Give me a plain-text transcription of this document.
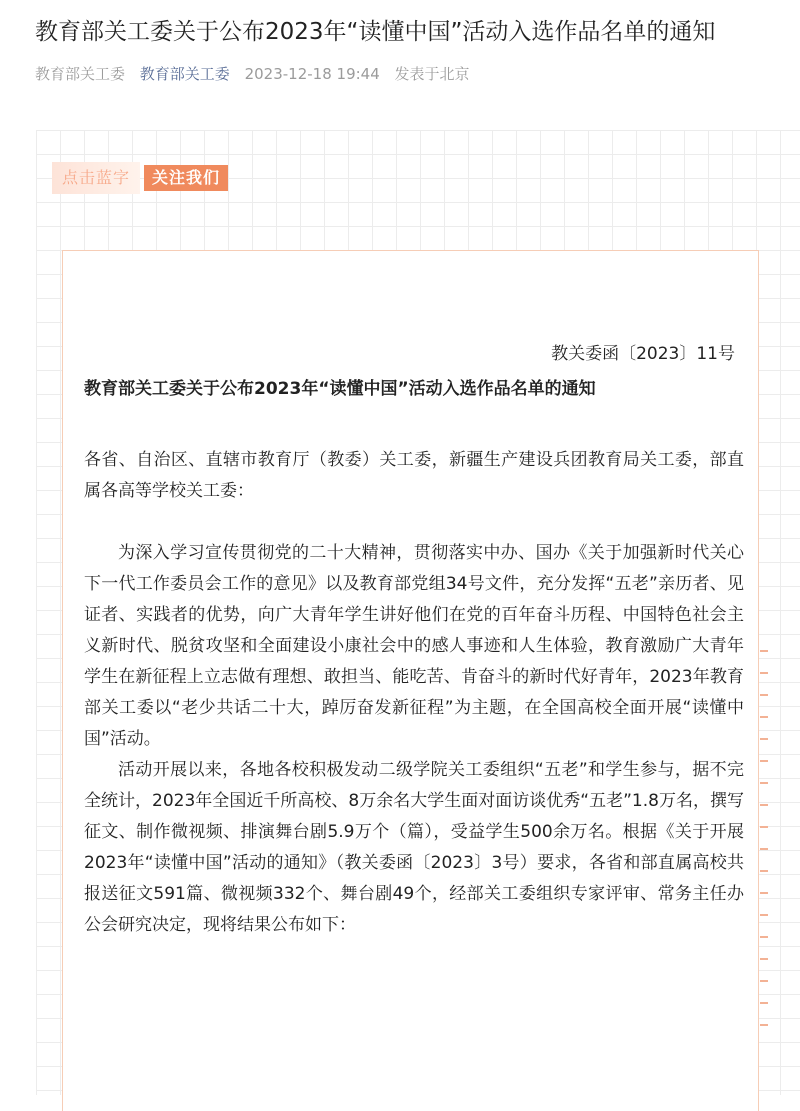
教育部关工委关于公布2023年“读懂中国”活动入选作品名单的通知
教育部关工委 教育部关工委 2023-12-18 19:44 发表于北京
点击蓝字	关注我们
教关委函〔2023〕11号
教育部关工委关于公布2023年“读懂中国”活动入选作品名单的通知

各省、自治区、直辖市教育厅（教委）关工委，新疆生产建设兵团教育局关工委，部直属各高等学校关工委：

为深入学习宣传贯彻党的二十大精神，贯彻落实中办、国办《关于加强新时代关心下一代工作委员会工作的意见》以及教育部党组34号文件，充分发挥“五老”亲历者、见证者、实践者的优势，向广大青年学生讲好他们在党的百年奋斗历程、中国特色社会主义新时代、脱贫攻坚和全面建设小康社会中的感人事迹和人生体验，教育激励广大青年学生在新征程上立志做有理想、敢担当、能吃苦、肯奋斗的新时代好青年，2023年教育部关工委以“老少共话二十大，踔厉奋发新征程”为主题，在全国高校全面开展“读懂中国”活动。

活动开展以来，各地各校积极发动二级学院关工委组织“五老”和学生参与，据不完全统计，2023年全国近千所高校、8万余名大学生面对面访谈优秀“五老”1.8万名，撰写征文、制作微视频、排演舞台剧5.9万个（篇），受益学生500余万名。根据《关于开展2023年“读懂中国”活动的通知》（教关委函〔2023〕3号）要求，各省和部直属高校共报送征文591篇、微视频332个、舞台剧49个，经部关工委组织专家评审、常务主任办公会研究决定，现将结果公布如下：
